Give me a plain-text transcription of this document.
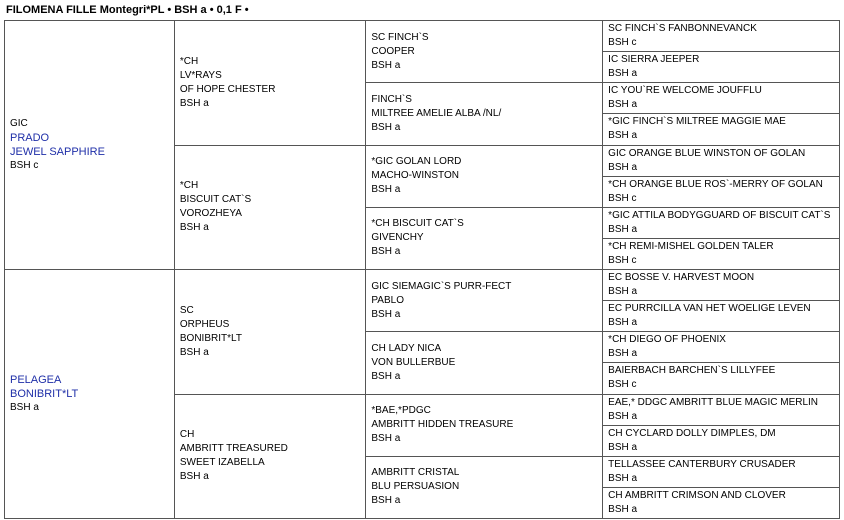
FILOMENA FILLE Montegri*PL • BSH a • 0,1 F •
GIC
PRADO
JEWEL SAPPHIRE
BSH c	*CH
LV*RAYS
OF HOPE CHESTER
BSH a	SC FINCH`S
COOPER
BSH a	SC FINCH`S FANBONNEVANCK
BSH c

			IC SIERRA JEEPER
BSH a

		FINCH`S
MILTREE AMELIE ALBA /NL/
BSH a	IC YOU`RE WELCOME JOUFFLU
BSH a

			*GIC FINCH`S MILTREE MAGGIE MAE
BSH a

	*CH
BISCUIT CAT`S
VOROZHEYA
BSH a	*GIC GOLAN LORD
MACHO-WINSTON
BSH a	GIC ORANGE BLUE WINSTON OF GOLAN
BSH a

			*CH ORANGE BLUE ROS`-MERRY OF GOLAN
BSH c

		*CH BISCUIT CAT`S
GIVENCHY
BSH a	*GIC ATTILA BODYGGUARD OF BISCUIT CAT`S
BSH a

			*CH REMI-MISHEL GOLDEN TALER
BSH c

PELAGEA
BONIBRIT*LT
BSH a	SC
ORPHEUS
BONIBRIT*LT
BSH a	GIC SIEMAGIC`S PURR-FECT
PABLO
BSH a	EC BOSSE V. HARVEST MOON
BSH a

			EC PURRCILLA VAN HET WOELIGE LEVEN
BSH a

		CH LADY NICA
VON BULLERBUE
BSH a	*CH DIEGO OF PHOENIX
BSH a

			BAIERBACH BARCHEN`S LILLYFEE
BSH c

	CH
AMBRITT TREASURED
SWEET IZABELLA
BSH a	*BAE,*PDGC
AMBRITT HIDDEN TREASURE
BSH a	EAE,* DDGC AMBRITT BLUE MAGIC MERLIN
BSH a

			CH CYCLARD DOLLY DIMPLES, DM
BSH a

		AMBRITT CRISTAL
BLU PERSUASION
BSH a	TELLASSEE CANTERBURY CRUSADER
BSH a

			CH AMBRITT CRIMSON AND CLOVER
BSH a
